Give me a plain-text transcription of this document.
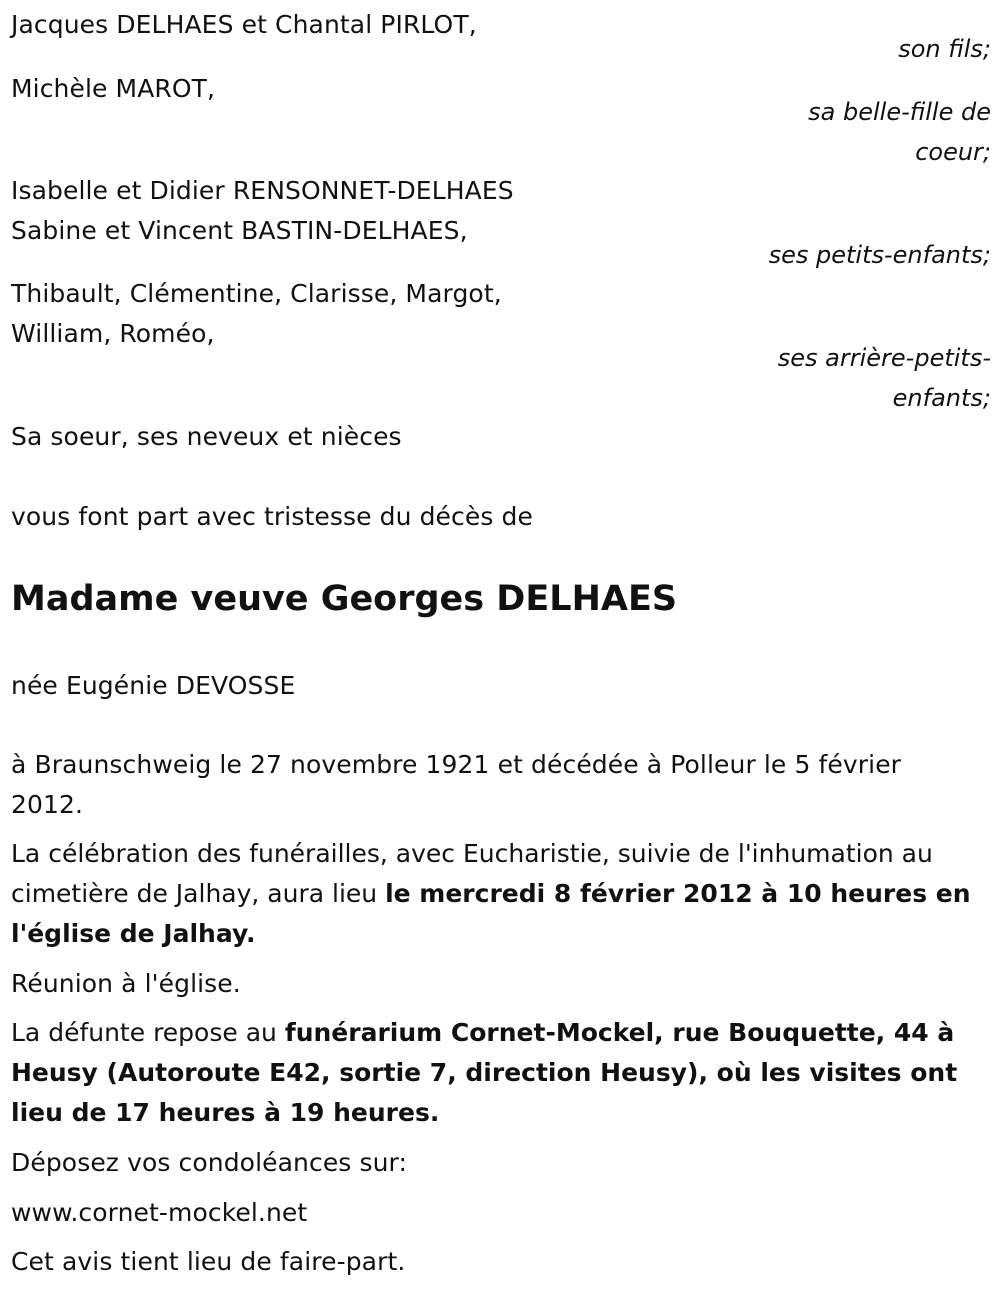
Jacques DELHAES et Chantal PIRLOT,
son fils;
Michèle MAROT,
sa belle-fille de
coeur;
Isabelle et Didier RENSONNET-DELHAES
Sabine et Vincent BASTIN-DELHAES,
ses petits-enfants;
Thibault, Clémentine, Clarisse, Margot,
William, Roméo,
ses arrière-petits-
enfants;
Sa soeur, ses neveux et nièces
vous font part avec tristesse du décès de
Madame veuve Georges DELHAES
née Eugénie DEVOSSE
à Braunschweig le 27 novembre 1921 et décédée à Polleur le 5 février
2012.
La célébration des funérailles, avec Eucharistie, suivie de l'inhumation au cimetière de Jalhay, aura lieu le mercredi 8 février 2012 à 10 heures en l'église de Jalhay.
Réunion à l'église.
La défunte repose au funérarium Cornet-Mockel, rue Bouquette, 44 à Heusy (Autoroute E42, sortie 7, direction Heusy), où les visites ont lieu de 17 heures à 19 heures.
Déposez vos condoléances sur:
www.cornet-mockel.net
Cet avis tient lieu de faire-part.
